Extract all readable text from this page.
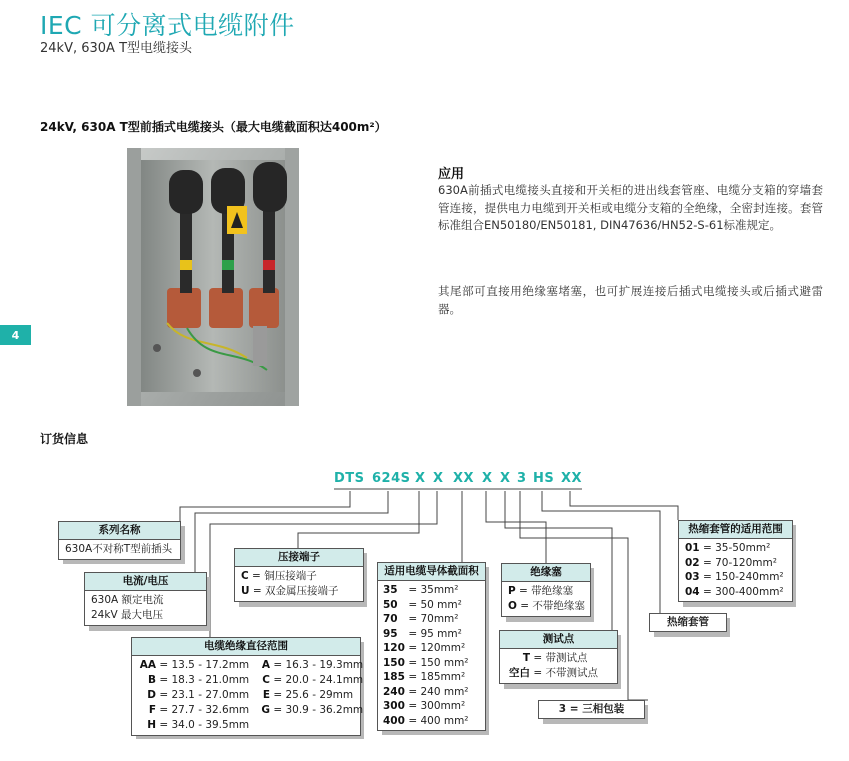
IEC 可分离式电缆附件
24kV, 630A T型电缆接头
24kV, 630A T型前插式电缆接头（最大电缆截面积达400m²）
4
应用
630A前插式电缆接头直接和开关柜的进出线套管座、电缆分支箱的穿墙套管连接，提供电力电缆到开关柜或电缆分支箱的全绝缘，全密封连接。套管标准组合EN50180/EN50181, DIN47636/HN52-S-61标准规定。
其尾部可直接用绝缘塞堵塞，也可扩展连接后插式电缆接头或后插式避雷器。
订货信息
DTS 624S X X XX X X 3 HS XX
系列名称
630A不对称T型前插头
电流/电压
630A 额定电流
24kV 最大电压
压接端子
C = 铜压接端子
U = 双金属压接端子
电缆绝缘直径范围
AA = 13.5 - 17.2mm	A = 16.3 - 19.3mm
B = 18.3 - 21.0mm	C = 20.0 - 24.1mm
D = 23.1 - 27.0mm	E = 25.6 - 29mm
F = 27.7 - 32.6mm	G = 30.9 - 36.2mm
H = 34.0 - 39.5mm
适用电缆导体截面积
35 = 35mm²
50 = 50 mm²
70 = 70mm²
95 = 95 mm²
120 = 120mm²
150 = 150 mm²
185 = 185mm²
240 = 240 mm²
300 = 300mm²
400 = 400 mm²
绝缘塞
P = 带绝缘塞
O = 不带绝缘塞
测试点
T = 带测试点
空白 = 不带测试点
3 = 三相包装
热缩套管
热缩套管的适用范围
01 = 35-50mm²
02 = 70-120mm²
03 = 150-240mm²
04 = 300-400mm²
